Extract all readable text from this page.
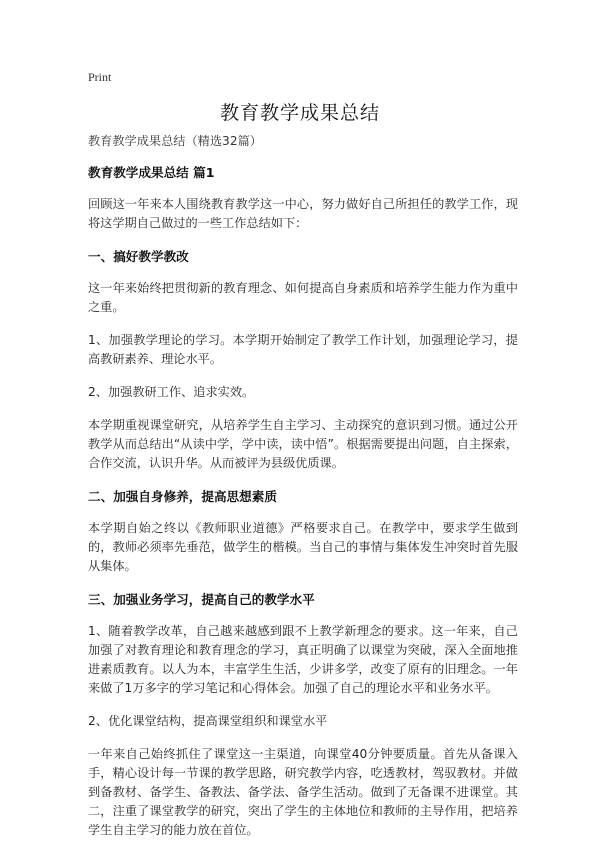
Print
教育教学成果总结

教育教学成果总结（精选32篇）

教育教学成果总结 篇1

回顾这一年来本人围绕教育教学这一中心，努力做好自己所担任的教学工作，现将这学期自己做过的一些工作总结如下：

一、搞好教学教改

这一年来始终把贯彻新的教育理念、如何提高自身素质和培养学生能力作为重中之重。

1、加强教学理论的学习。本学期开始制定了教学工作计划，加强理论学习，提高教研素养、理论水平。

2、加强教研工作、追求实效。

本学期重视课堂研究，从培养学生自主学习、主动探究的意识到习惯。通过公开教学从而总结出“从读中学，学中读，读中悟”。根据需要提出问题，自主探索，合作交流，认识升华。从而被评为县级优质课。

二、加强自身修养，提高思想素质

本学期自始之终以《教师职业道德》严格要求自己。在教学中，要求学生做到的，教师必须率先垂范，做学生的楷模。当自己的事情与集体发生冲突时首先服从集体。

三、加强业务学习，提高自己的教学水平

1、随着教学改革，自己越来越感到跟不上教学新理念的要求。这一年来，自己加强了对教育理论和教育理念的学习，真正明确了以课堂为突破，深入全面地推进素质教育。以人为本，丰富学生生活，少讲多学，改变了原有的旧理念。一年来做了1万多字的学习笔记和心得体会。加强了自己的理论水平和业务水平。

2、优化课堂结构，提高课堂组织和课堂水平

一年来自己始终抓住了课堂这一主渠道，向课堂40分钟要质量。首先从备课入手，精心设计每一节课的教学思路，研究教学内容，吃透教材，驾驭教材。并做到备教材、备学生、备教法、备学法、备学生活动。做到了无备课不进课堂。其二，注重了课堂教学的研究，突出了学生的主体地位和教师的主导作用，把培养学生自主学习的能力放在首位。
